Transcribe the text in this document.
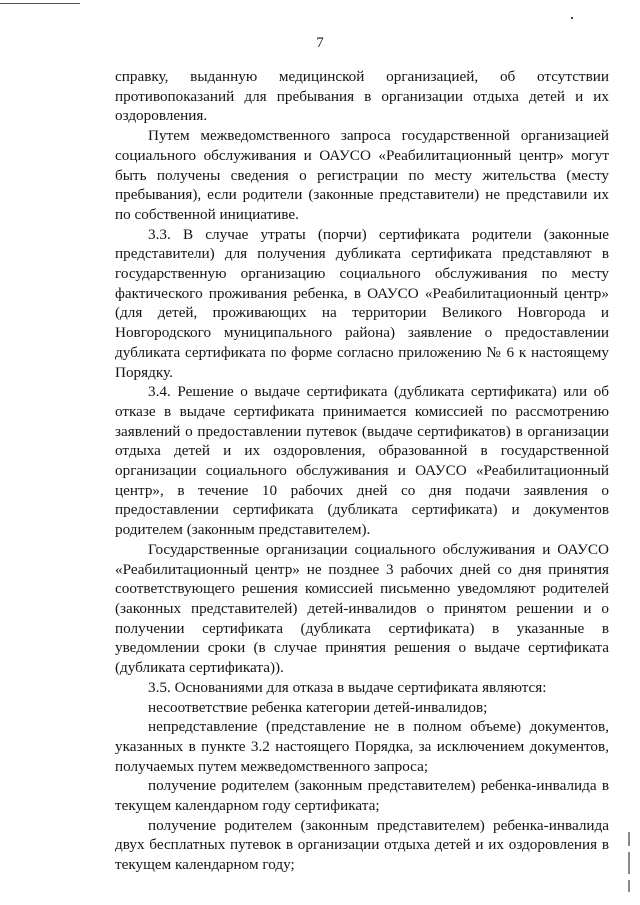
7

справку, выданную медицинской организацией, об отсутствии противопоказаний для пребывания в организации отдыха детей и их оздоровления.

Путем межведомственного запроса государственной организацией социального обслуживания и ОАУСО «Реабилитационный центр» могут быть получены сведения о регистрации по месту жительства (месту пребывания), если родители (законные представители) не представили их по собственной инициативе.

3.3. В случае утраты (порчи) сертификата родители (законные представители) для получения дубликата сертификата представляют в государственную организацию социального обслуживания по месту фактического проживания ребенка, в ОАУСО «Реабилитационный центр» (для детей, проживающих на территории Великого Новгорода и Новгородского муниципального района) заявление о предоставлении дубликата сертификата по форме согласно приложению № 6 к настоящему Порядку.

3.4. Решение о выдаче сертификата (дубликата сертификата) или об отказе в выдаче сертификата принимается комиссией по рассмотрению заявлений о предоставлении путевок (выдаче сертификатов) в организации отдыха детей и их оздоровления, образованной в государственной организации социального обслуживания и ОАУСО «Реабилитационный центр», в течение 10 рабочих дней со дня подачи заявления о предоставлении сертификата (дубликата сертификата) и документов родителем (законным представителем).

Государственные организации социального обслуживания и ОАУСО «Реабилитационный центр» не позднее 3 рабочих дней со дня принятия соответствующего решения комиссией письменно уведомляют родителей (законных представителей) детей-инвалидов о принятом решении и о получении сертификата (дубликата сертификата) в указанные в уведомлении сроки (в случае принятия решения о выдаче сертификата (дубликата сертификата)).

3.5. Основаниями для отказа в выдаче сертификата являются:

несоответствие ребенка категории детей-инвалидов;

непредставление (представление не в полном объеме) документов, указанных в пункте 3.2 настоящего Порядка, за исключением документов, получаемых путем межведомственного запроса;

получение родителем (законным представителем) ребенка-инвалида в текущем календарном году сертификата;

получение родителем (законным представителем) ребенка-инвалида двух бесплатных путевок в организации отдыха детей и их оздоровления в текущем календарном году;
